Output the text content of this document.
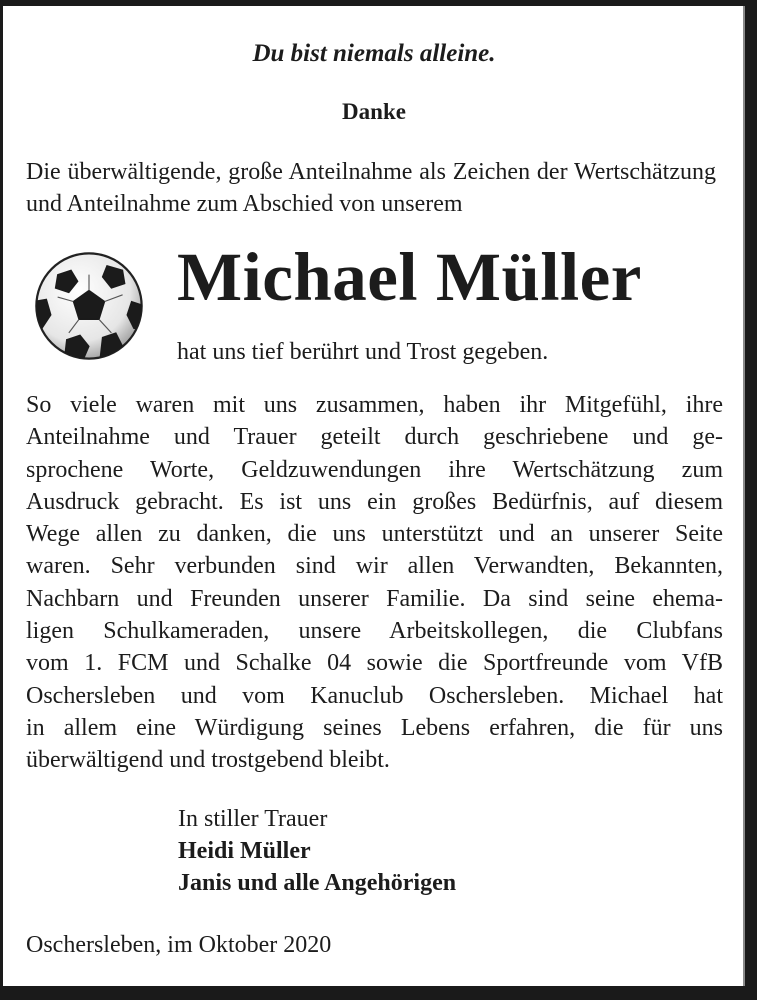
Du bist niemals alleine.
Danke
Die überwältigende, große Anteilnahme als Zeichen der Wertschätzung und Anteilnahme zum Abschied von unserem
Michael Müller
hat uns tief berührt und Trost gegeben.
So viele waren mit uns zusammen, haben ihr Mitgefühl, ihre
Anteilnahme und Trauer geteilt durch geschriebene und ge-
sprochene Worte, Geldzuwendungen ihre Wertschätzung zum
Ausdruck gebracht. Es ist uns ein großes Bedürfnis, auf diesem
Wege allen zu danken, die uns unterstützt und an unserer Seite
waren. Sehr verbunden sind wir allen Verwandten, Bekannten,
Nachbarn und Freunden unserer Familie. Da sind seine ehema-
ligen Schulkameraden, unsere Arbeitskollegen, die Clubfans
vom 1. FCM und Schalke 04 sowie die Sportfreunde vom VfB
Oschersleben und vom Kanuclub Oschersleben. Michael hat
in allem eine Würdigung seines Lebens erfahren, die für uns
überwältigend und trostgebend bleibt.
In stiller Trauer
Heidi Müller
Janis und alle Angehörigen
Oschersleben, im Oktober 2020
